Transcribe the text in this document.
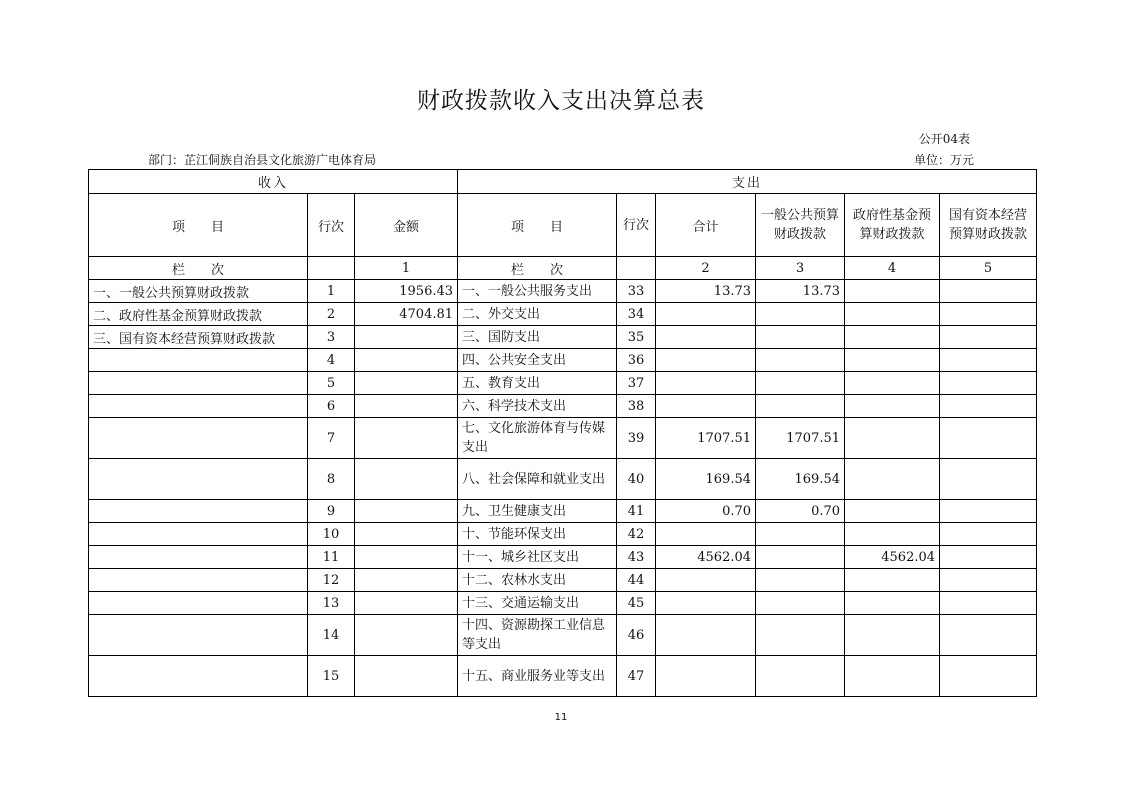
财政拨款收入支出决算总表
公开04表
部门：芷江侗族自治县文化旅游广电体育局	单位：万元
收入			支出					
项　　目	行次	金额	项　　目	行次	合计	一般公共预算财政拨款	政府性基金预算财政拨款	国有资本经营预算财政拨款
栏　　次		1	栏　　次		2	3	4	5
一、一般公共预算财政拨款	1	1956.43	一、一般公共服务支出	33	13.73	13.73		
二、政府性基金预算财政拨款	2	4704.81	二、外交支出	34				
三、国有资本经营预算财政拨款	3		三、国防支出	35				
	4		四、公共安全支出	36				
	5		五、教育支出	37				
	6		六、科学技术支出	38				
	7		七、文化旅游体育与传媒支出	39	1707.51	1707.51		
	8		八、社会保障和就业支出	40	169.54	169.54		
	9		九、卫生健康支出	41	0.70	0.70		
	10		十、节能环保支出	42				
	11		十一、城乡社区支出	43	4562.04		4562.04	
	12		十二、农林水支出	44				
	13		十三、交通运输支出	45				
	14		十四、资源勘探工业信息等支出	46				
	15		十五、商业服务业等支出	47				
11
